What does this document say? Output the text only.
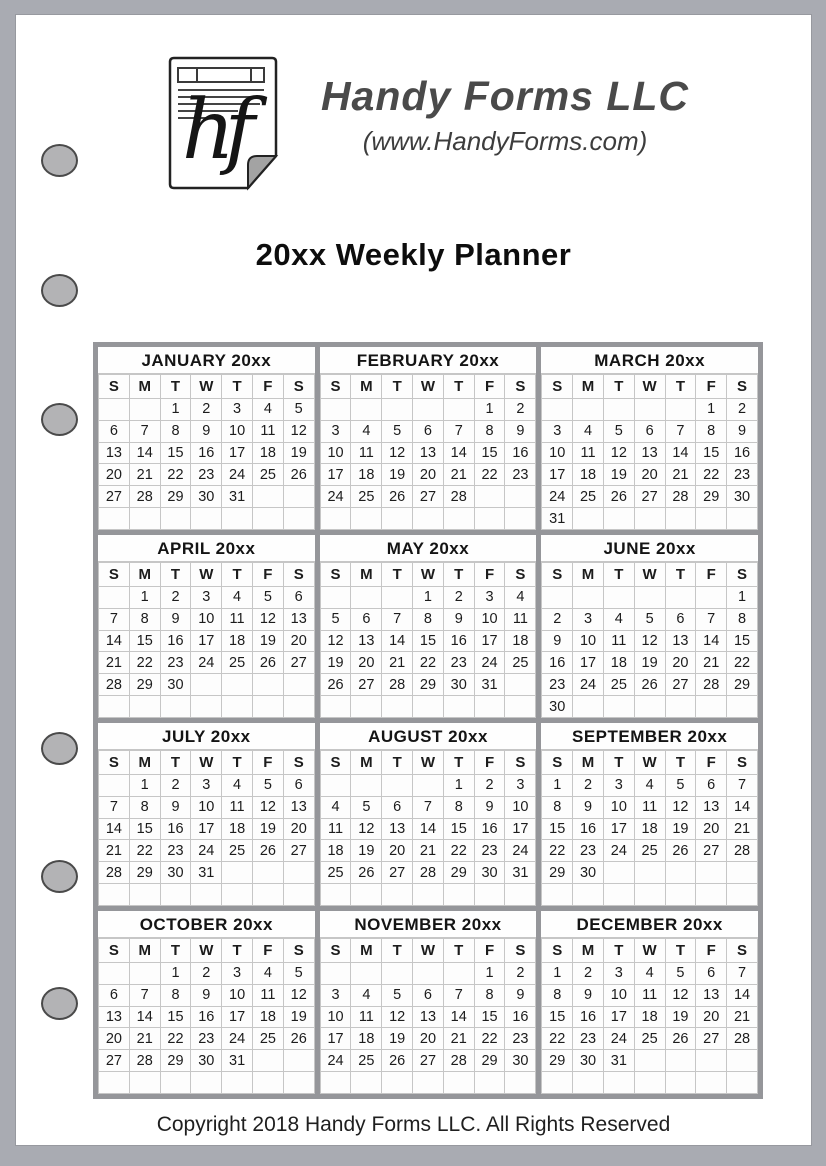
hf	Handy Forms LLC
(www.HandyForms.com)
20xx Weekly Planner
JANUARY 20xx
S	M	T	W	T	F	S
		1	2	3	4	5
6	7	8	9	10	11	12
13	14	15	16	17	18	19
20	21	22	23	24	25	26
27	28	29	30	31		

FEBRUARY 20xx
S	M	T	W	T	F	S
					1	2
3	4	5	6	7	8	9
10	11	12	13	14	15	16
17	18	19	20	21	22	23
24	25	26	27	28		

MARCH 20xx
S	M	T	W	T	F	S
					1	2
3	4	5	6	7	8	9
10	11	12	13	14	15	16
17	18	19	20	21	22	23
24	25	26	27	28	29	30
31						
APRIL 20xx
S	M	T	W	T	F	S
	1	2	3	4	5	6
7	8	9	10	11	12	13
14	15	16	17	18	19	20
21	22	23	24	25	26	27
28	29	30				

MAY 20xx
S	M	T	W	T	F	S
			1	2	3	4
5	6	7	8	9	10	11
12	13	14	15	16	17	18
19	20	21	22	23	24	25
26	27	28	29	30	31	

JUNE 20xx
S	M	T	W	T	F	S
						1
2	3	4	5	6	7	8
9	10	11	12	13	14	15
16	17	18	19	20	21	22
23	24	25	26	27	28	29
30						
JULY 20xx
S	M	T	W	T	F	S
	1	2	3	4	5	6
7	8	9	10	11	12	13
14	15	16	17	18	19	20
21	22	23	24	25	26	27
28	29	30	31			

AUGUST 20xx
S	M	T	W	T	F	S
				1	2	3
4	5	6	7	8	9	10
11	12	13	14	15	16	17
18	19	20	21	22	23	24
25	26	27	28	29	30	31

SEPTEMBER 20xx
S	M	T	W	T	F	S
1	2	3	4	5	6	7
8	9	10	11	12	13	14
15	16	17	18	19	20	21
22	23	24	25	26	27	28
29	30					

OCTOBER 20xx
S	M	T	W	T	F	S
		1	2	3	4	5
6	7	8	9	10	11	12
13	14	15	16	17	18	19
20	21	22	23	24	25	26
27	28	29	30	31		

NOVEMBER 20xx
S	M	T	W	T	F	S
					1	2
3	4	5	6	7	8	9
10	11	12	13	14	15	16
17	18	19	20	21	22	23
24	25	26	27	28	29	30

DECEMBER 20xx
S	M	T	W	T	F	S
1	2	3	4	5	6	7
8	9	10	11	12	13	14
15	16	17	18	19	20	21
22	23	24	25	26	27	28
29	30	31				

Copyright 2018 Handy Forms LLC. All Rights Reserved
